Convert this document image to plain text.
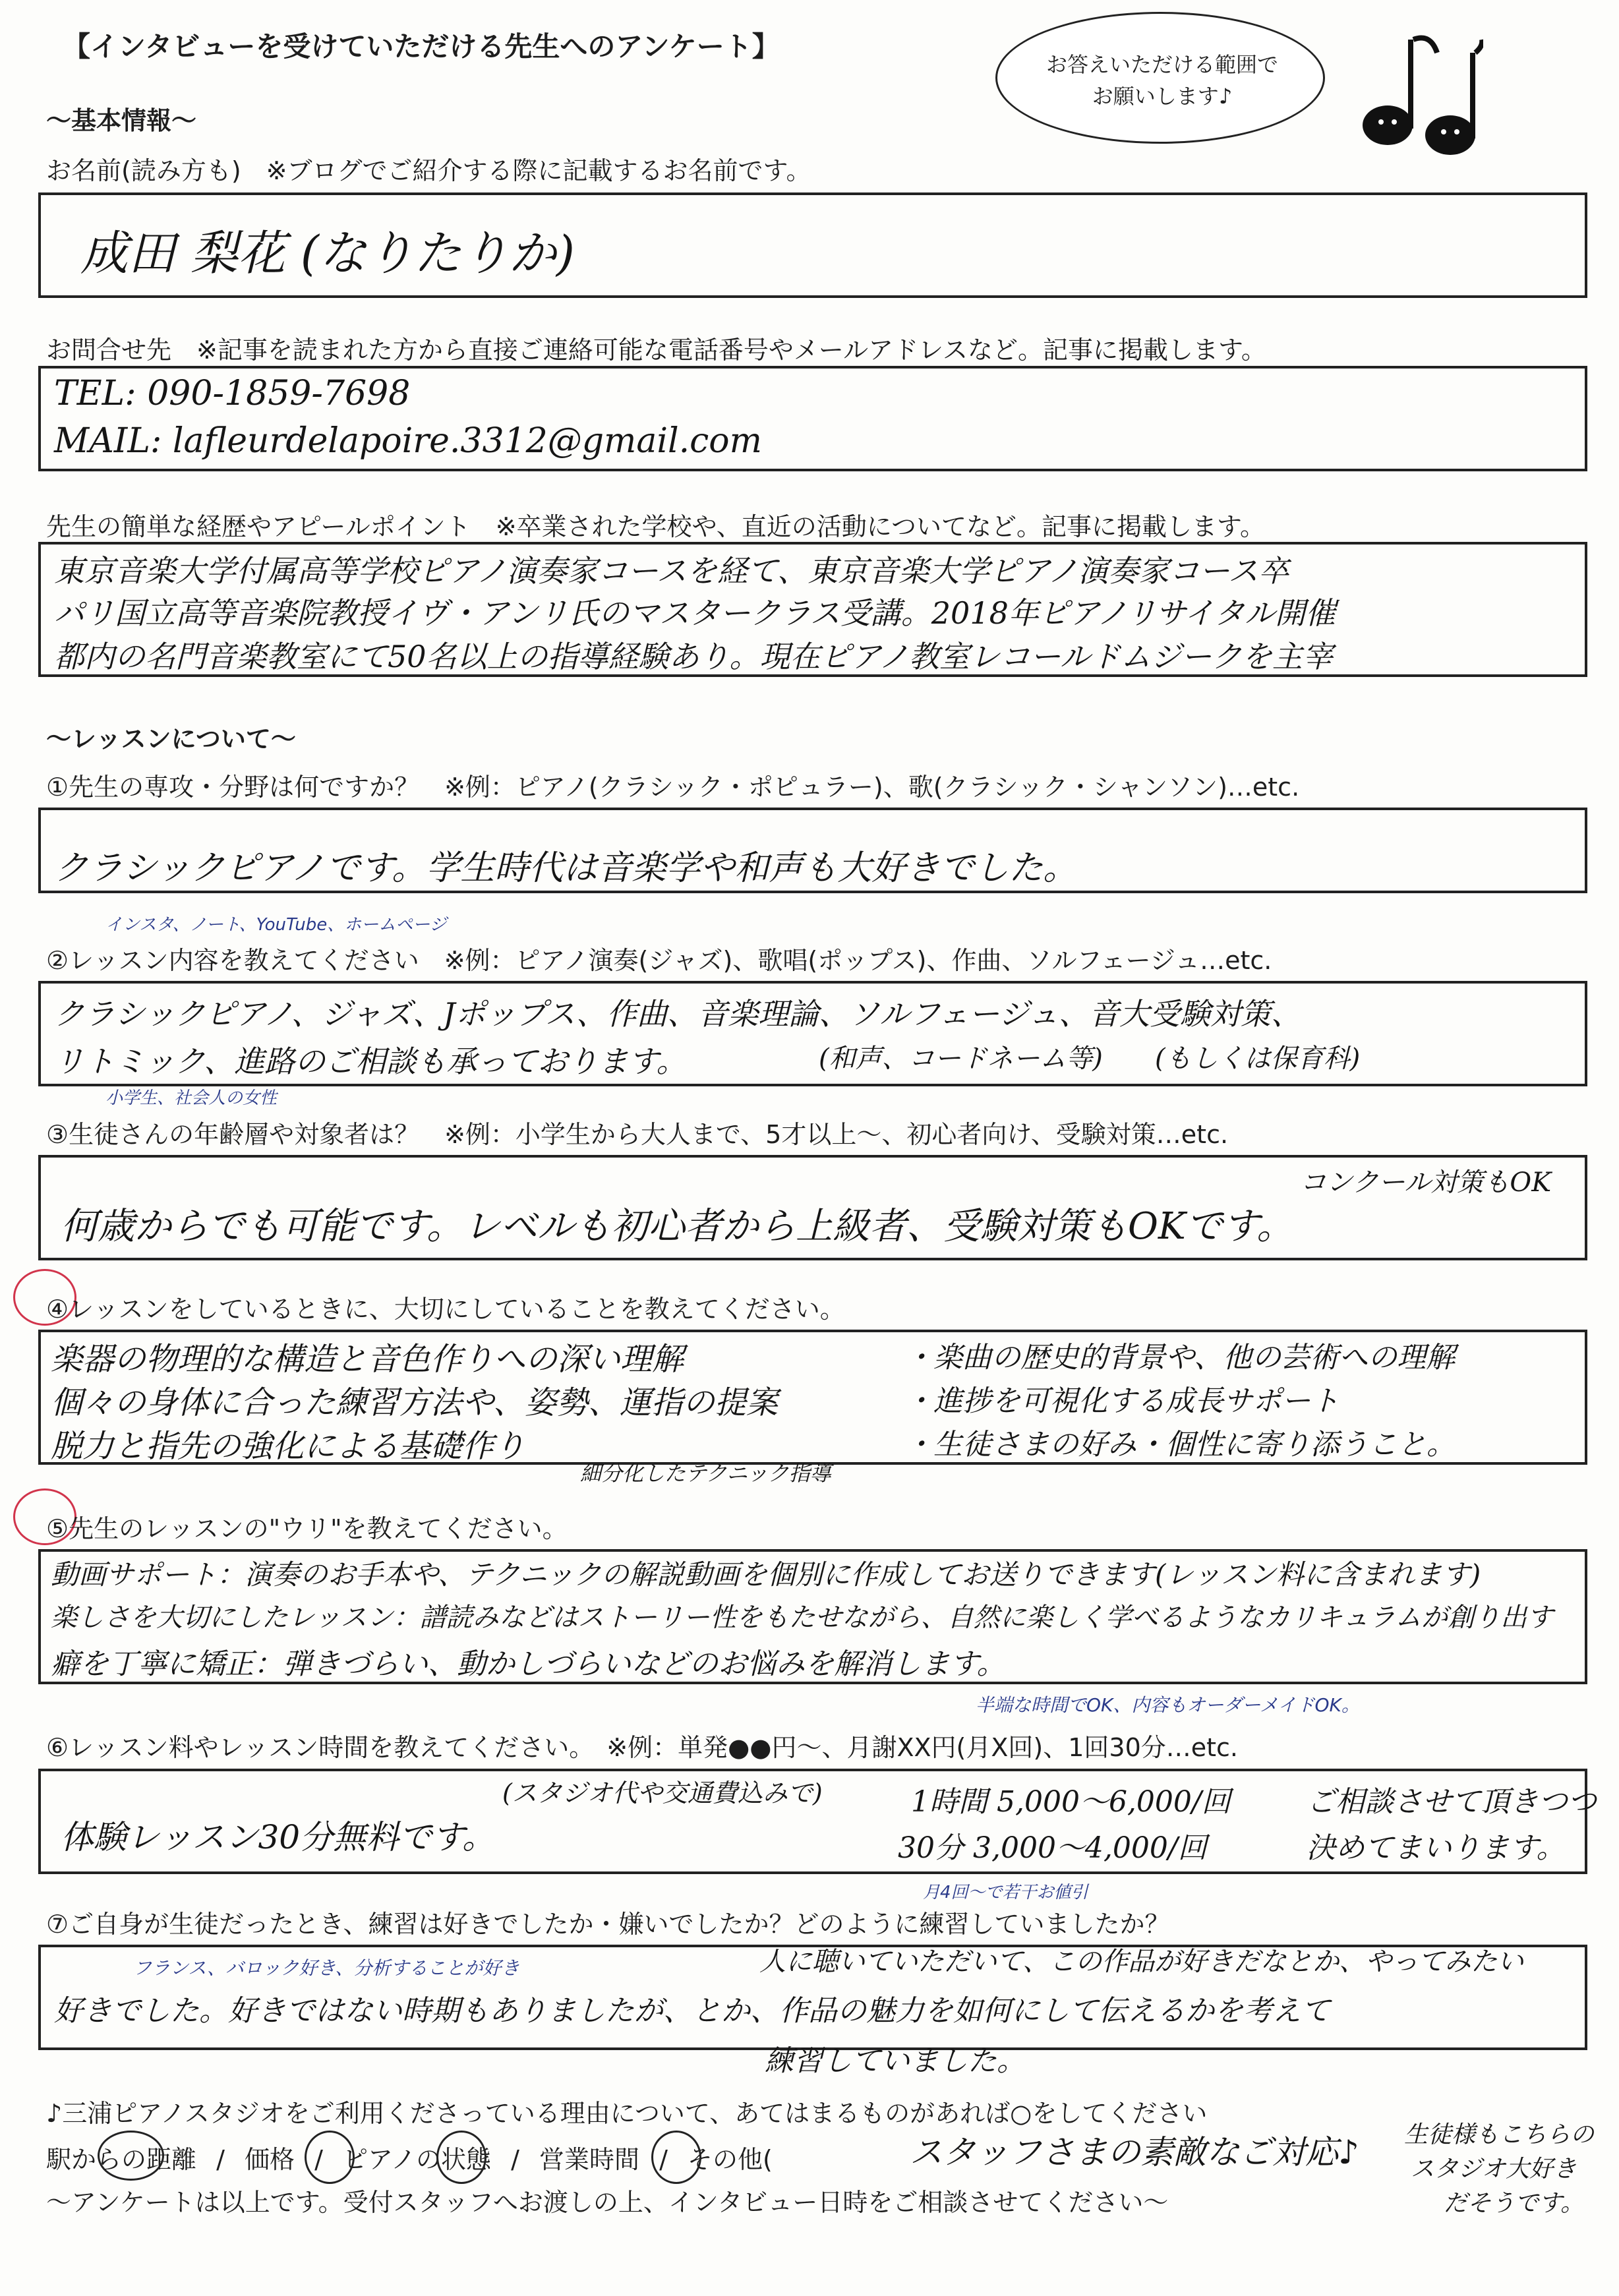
【インタビューを受けていただける先生へのアンケート】
お答えいただける範囲で
お願いします♪
〜基本情報〜
お名前(読み方も)　※ブログでご紹介する際に記載するお名前です。
成田 梨花 (なりたりか)
お問合せ先　※記事を読まれた方から直接ご連絡可能な電話番号やメールアドレスなど。記事に掲載します。
TEL: 090-1859-7698
MAIL: lafleurdelapoire.3312@gmail.com
先生の簡単な経歴やアピールポイント　※卒業された学校や、直近の活動についてなど。記事に掲載します。
東京音楽大学付属高等学校ピアノ演奏家コースを経て、東京音楽大学ピアノ演奏家コース卒
パリ国立高等音楽院教授イヴ・アンリ氏のマスタークラス受講。2018年ピアノリサイタル開催
都内の名門音楽教室にて50名以上の指導経験あり。現在ピアノ教室レコールドムジークを主宰
〜レッスンについて〜
①先生の専攻・分野は何ですか？　※例：ピアノ(クラシック・ポピュラー)、歌(クラシック・シャンソン)…etc.
クラシックピアノです。学生時代は音楽学や和声も大好きでした。
インスタ、ノート、YouTube、ホームページ
②レッスン内容を教えてください　※例：ピアノ演奏(ジャズ)、歌唱(ポップス)、作曲、ソルフェージュ…etc.
クラシックピアノ、ジャズ、Jポップス、作曲、音楽理論、ソルフェージュ、音大受験対策、
リトミック、進路のご相談も承っております。	(和声、コードネーム等) (もしくは保育科)
小学生、社会人の女性
③生徒さんの年齢層や対象者は？　※例：小学生から大人まで、5才以上〜、初心者向け、受験対策…etc.
何歳からでも可能です。レベルも初心者から上級者、受験対策もOKです。
コンクール対策もOK
④レッスンをしているときに、大切にしていることを教えてください。
楽器の物理的な構造と音色作りへの深い理解
個々の身体に合った練習方法や、姿勢、運指の提案
脱力と指先の強化による基礎作り
・楽曲の歴史的背景や、他の芸術への理解
・進捗を可視化する成長サポート
・生徒さまの好み・個性に寄り添うこと。
細分化したテクニック指導
⑤先生のレッスンの"ウリ"を教えてください。
動画サポート：演奏のお手本や、テクニックの解説動画を個別に作成してお送りできます(レッスン料に含まれます)
楽しさを大切にしたレッスン：譜読みなどはストーリー性をもたせながら、自然に楽しく学べるようなカリキュラムが創り出す
癖を丁寧に矯正：弾きづらい、動かしづらいなどのお悩みを解消します。
半端な時間でOK、内容もオーダーメイドOK。
⑥レッスン料やレッスン時間を教えてください。　※例：単発●●円〜、月謝XX円(月X回)、1回30分…etc.
体験レッスン30分無料です。
(スタジオ代や交通費込みで)	1時間 5,000〜6,000/回
30分 3,000〜4,000/回
ご相談させて頂きつつ
決めてまいります。
月4回〜で若干お値引
⑦ご自身が生徒だったとき、練習は好きでしたか・嫌いでしたか？どのように練習していましたか？
フランス、バロック好き、分析することが好き	人に聴いていただいて、この作品が好きだなとか、やってみたい
好きでした。好きではない時期もありましたが、とか、作品の魅力を如何にして伝えるかを考えて
練習していました。
♪三浦ピアノスタジオをご利用くださっている理由について、あてはまるものがあれば○をしてください
駅からの距離 / 価格 / ピアノの状態 / 営業時間 / その他(	スタッフさまの素敵なご対応♪ 生徒様もこちらの
スタジオ大好き
だそうです。
〜アンケートは以上です。受付スタッフへお渡しの上、インタビュー日時をご相談させてください〜
